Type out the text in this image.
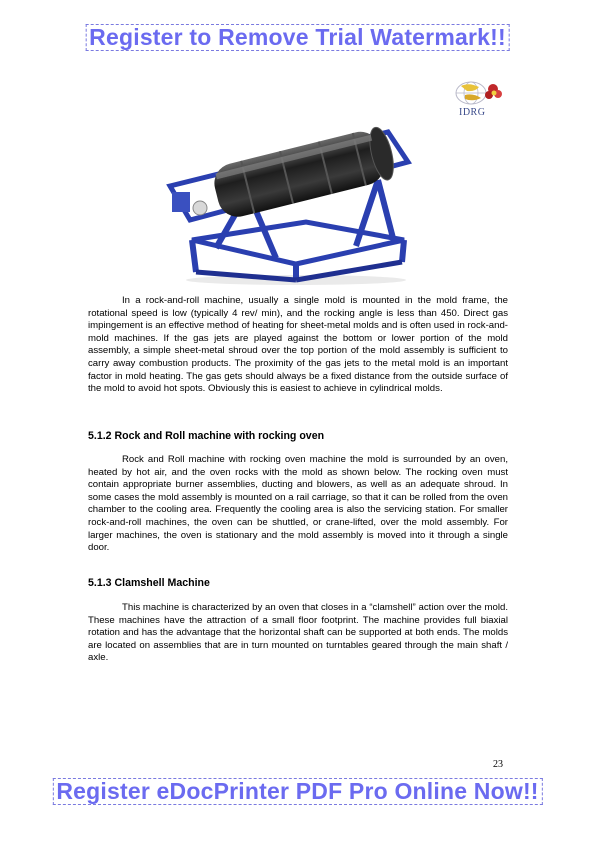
Register to Remove Trial Watermark!!
IDRG

In a rock-and-roll machine, usually a single mold is mounted in the mold frame, the rotational speed is low (typically 4 rev/ min), and the rocking angle is less than 450. Direct gas impingement is an effective method of heating for sheet-metal molds and is often used in rock-and-mold machines. If the gas jets are played against the bottom or lower portion of the mold assembly, a simple sheet-metal shroud over the top portion of the mold assembly is sufficient to carry away combustion products. The proximity of the gas jets to the metal mold is an important factor in mold heating. The gas gets should always be a fixed distance from the outside surface of the mold to avoid hot spots. Obviously this is easiest to achieve in cylindrical molds.

5.1.2 Rock and Roll machine with rocking oven

Rock and Roll machine with rocking oven machine the mold is surrounded by an oven, heated by hot air, and the oven rocks with the mold as shown below. The rocking oven must contain appropriate burner assemblies, ducting and blowers, as well as an adequate shroud. In some cases the mold assembly is mounted on a rail carriage, so that it can be rolled from the oven chamber to the cooling area. Frequently the cooling area is also the servicing station. For smaller rock-and-roll machines, the oven can be shuttled, or crane-lifted, over the mold assembly. For larger machines, the oven is stationary and the mold assembly is moved into it through a single door.

5.1.3 Clamshell Machine

This machine is characterized by an oven that closes in a “clamshell” action over the mold. These machines have the attraction of a small floor footprint. The machine provides full biaxial rotation and has the advantage that the horizontal shaft can be supported at both ends. The molds are located on assemblies that are in turn mounted on turntables geared through the main shaft / axle.

23
Register eDocPrinter PDF Pro Online Now!!
